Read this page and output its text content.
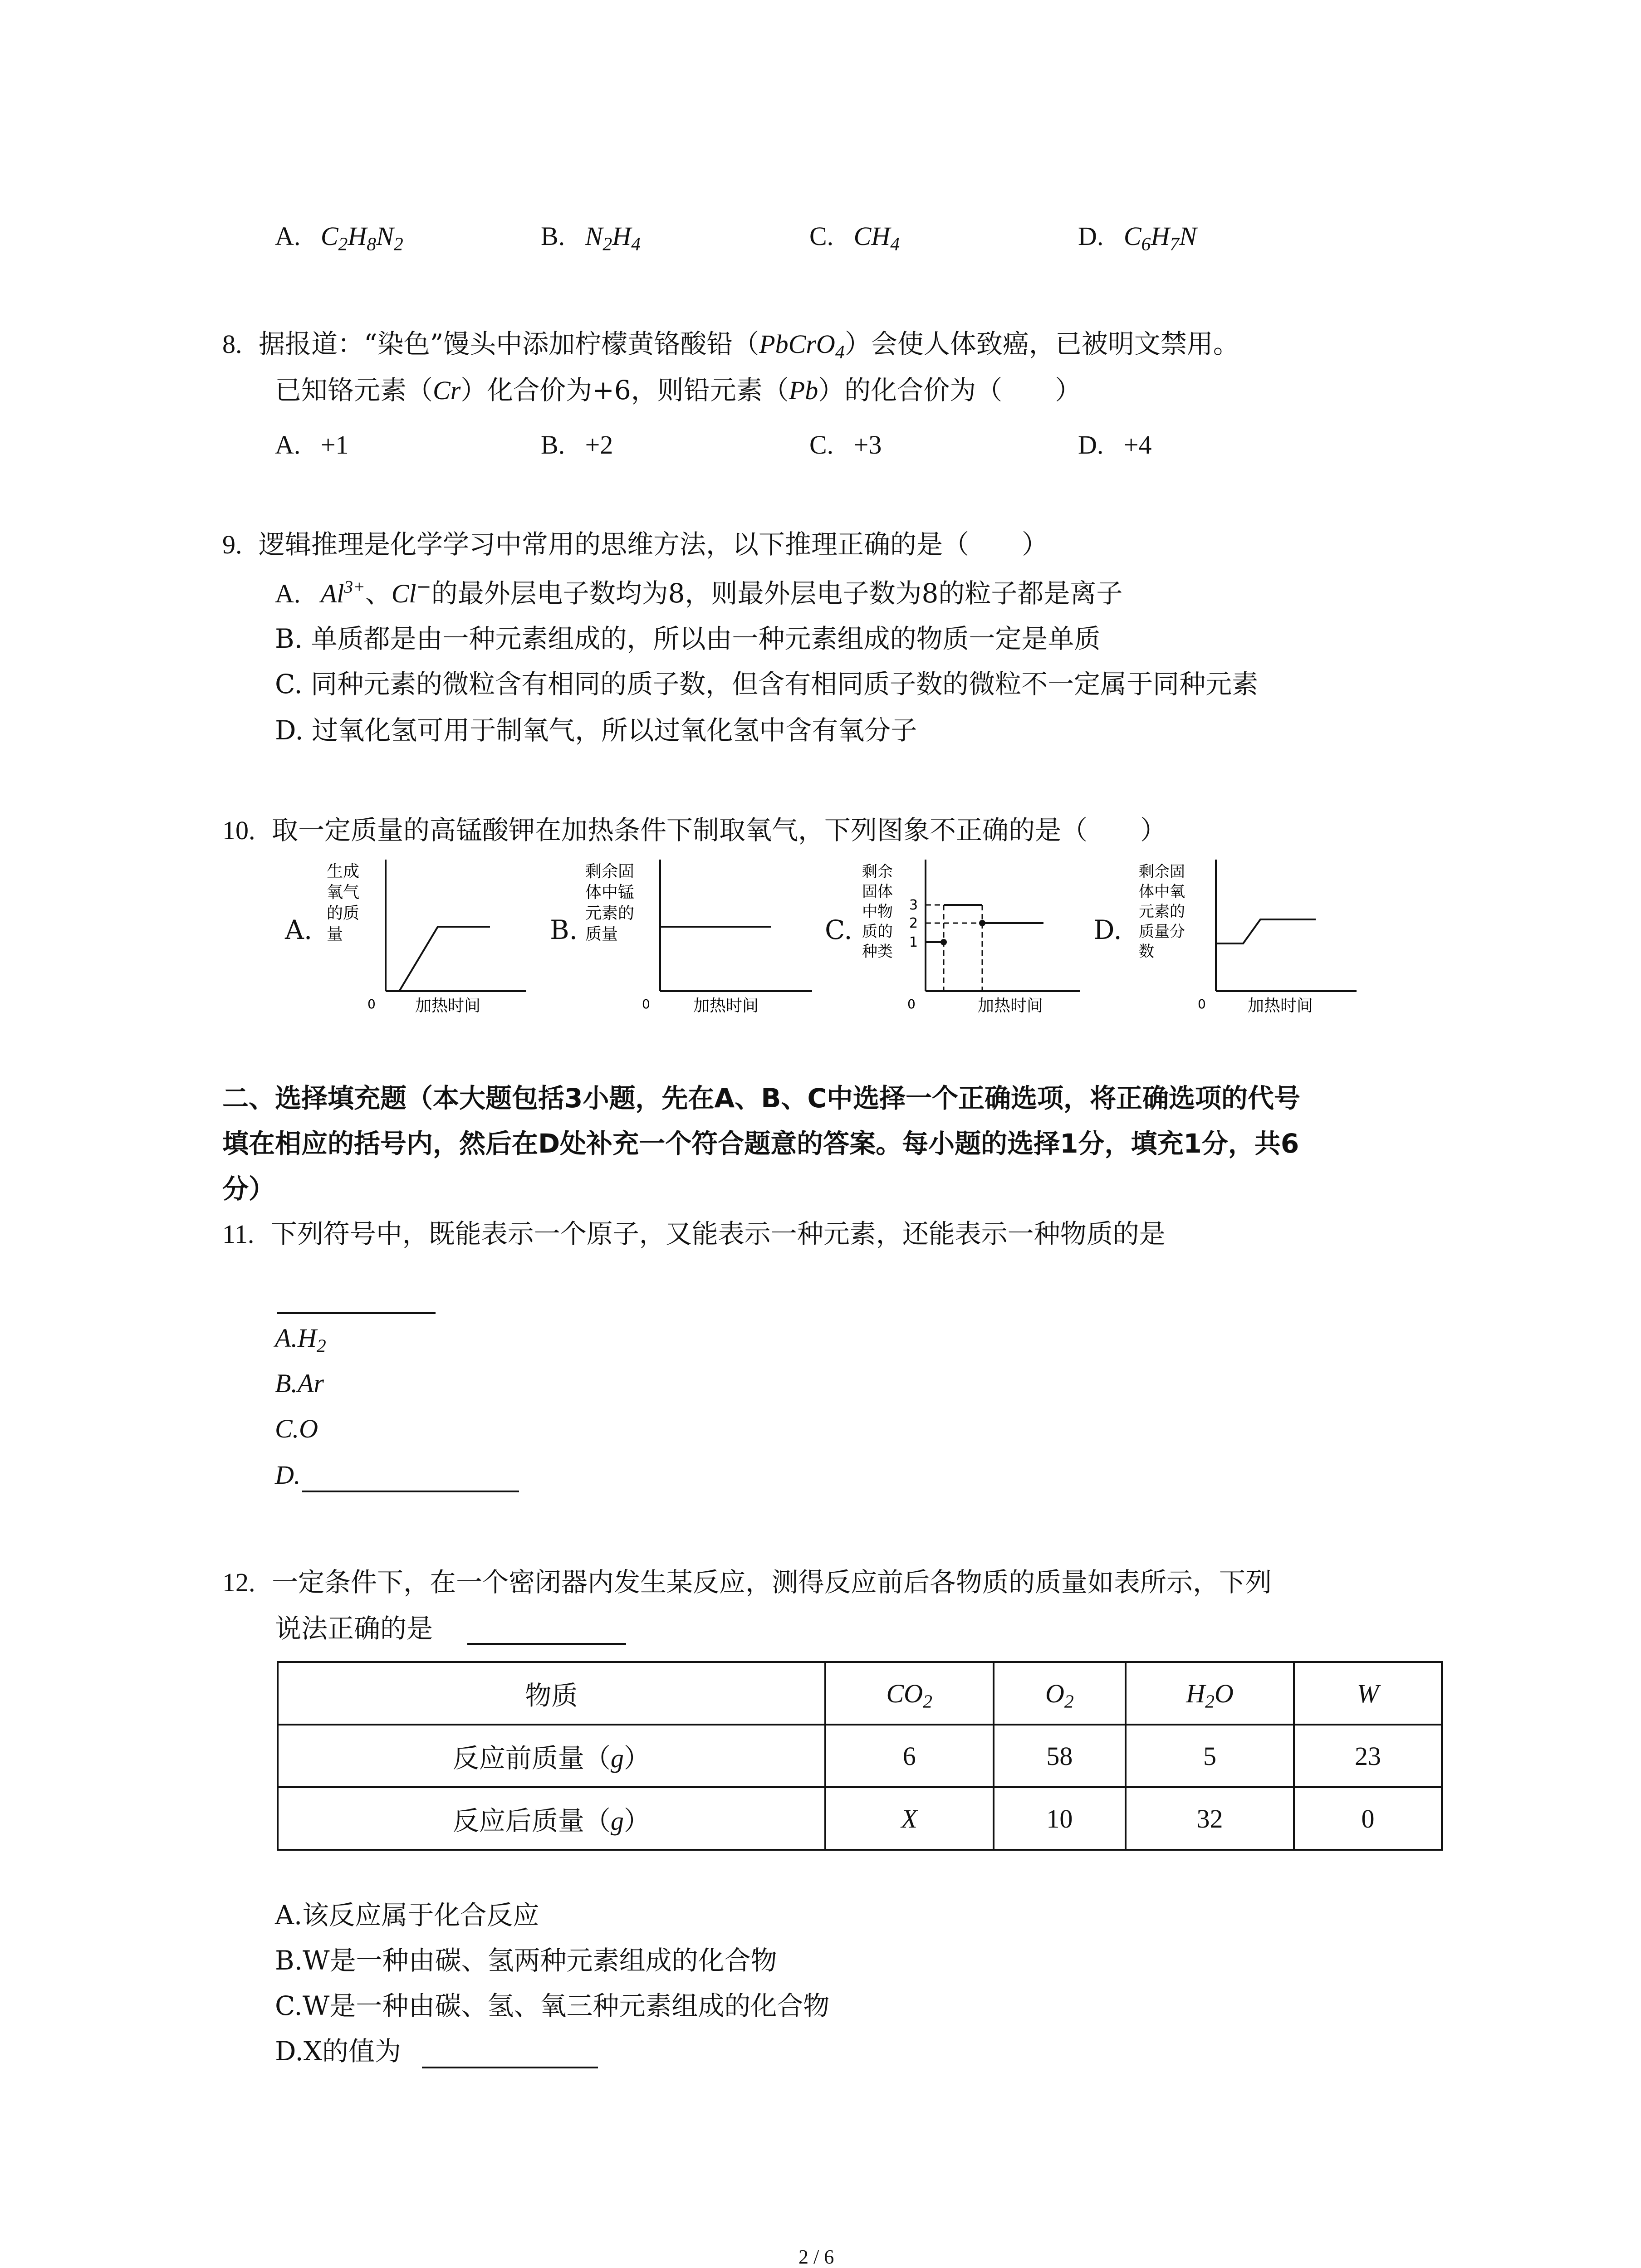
A. $C_2H_8N_2$	B. $N_2H_4$	C. $CH_4$	D. $C_6H_7N$
8. 据报道：“染色”馒头中添加柠檬黄铬酸铅（PbCrO$_4$）会使人体致癌，已被明文禁用。
已知铬元素（Cr）化合价为+6，则铅元素（Pb）的化合价为（　　）
A. +1	B. +2	C. +3	D. +4
9. 逻辑推理是化学学习中常用的思维方法，以下推理正确的是（　　）
A. $Al^{3+}$、Cl−的最外层电子数均为8，则最外层电子数为8的粒子都是离子
B. 单质都是由一种元素组成的，所以由一种元素组成的物质一定是单质
C. 同种元素的微粒含有相同的质子数，但含有相同质子数的微粒不一定属于同种元素
D. 过氧化氢可用于制氧气，所以过氧化氢中含有氧分子
10. 取一定质量的高锰酸钾在加热条件下制取氧气，下列图象不正确的是（　　）
A.
生成
氧气
的质
量
0 加热时间
B.
剩余固
体中锰
元素的
质量
0	加热时间
C.
剩余
固体
中物
质的
种类
3
2
1
0	加热时间
D.
剩余固
体中氧
元素的
质量分
数
0	加热时间
二、选择填充题（本大题包括3小题，先在A、B、C中选择一个正确选项，将正确选项的代号
填在相应的括号内，然后在D处补充一个符合题意的答案。每小题的选择1分，填充1分，共6
分）
11. 下列符号中，既能表示一个原子，又能表示一种元素，还能表示一种物质的是
$A.H_2$
B.Ar
C.O
D.
12. 一定条件下，在一个密闭器内发生某反应，测得反应前后各物质的质量如表所示，下列
说法正确的是
物质	$CO_2$	$O_2$	$H_2O$	W
反应前质量（g）	6	58	5	23
反应后质量（g）	X	10	32	0
A.该反应属于化合反应
B.W是一种由碳、氢两种元素组成的化合物
C.W是一种由碳、氢、氧三种元素组成的化合物
D.X的值为
2 / 6
